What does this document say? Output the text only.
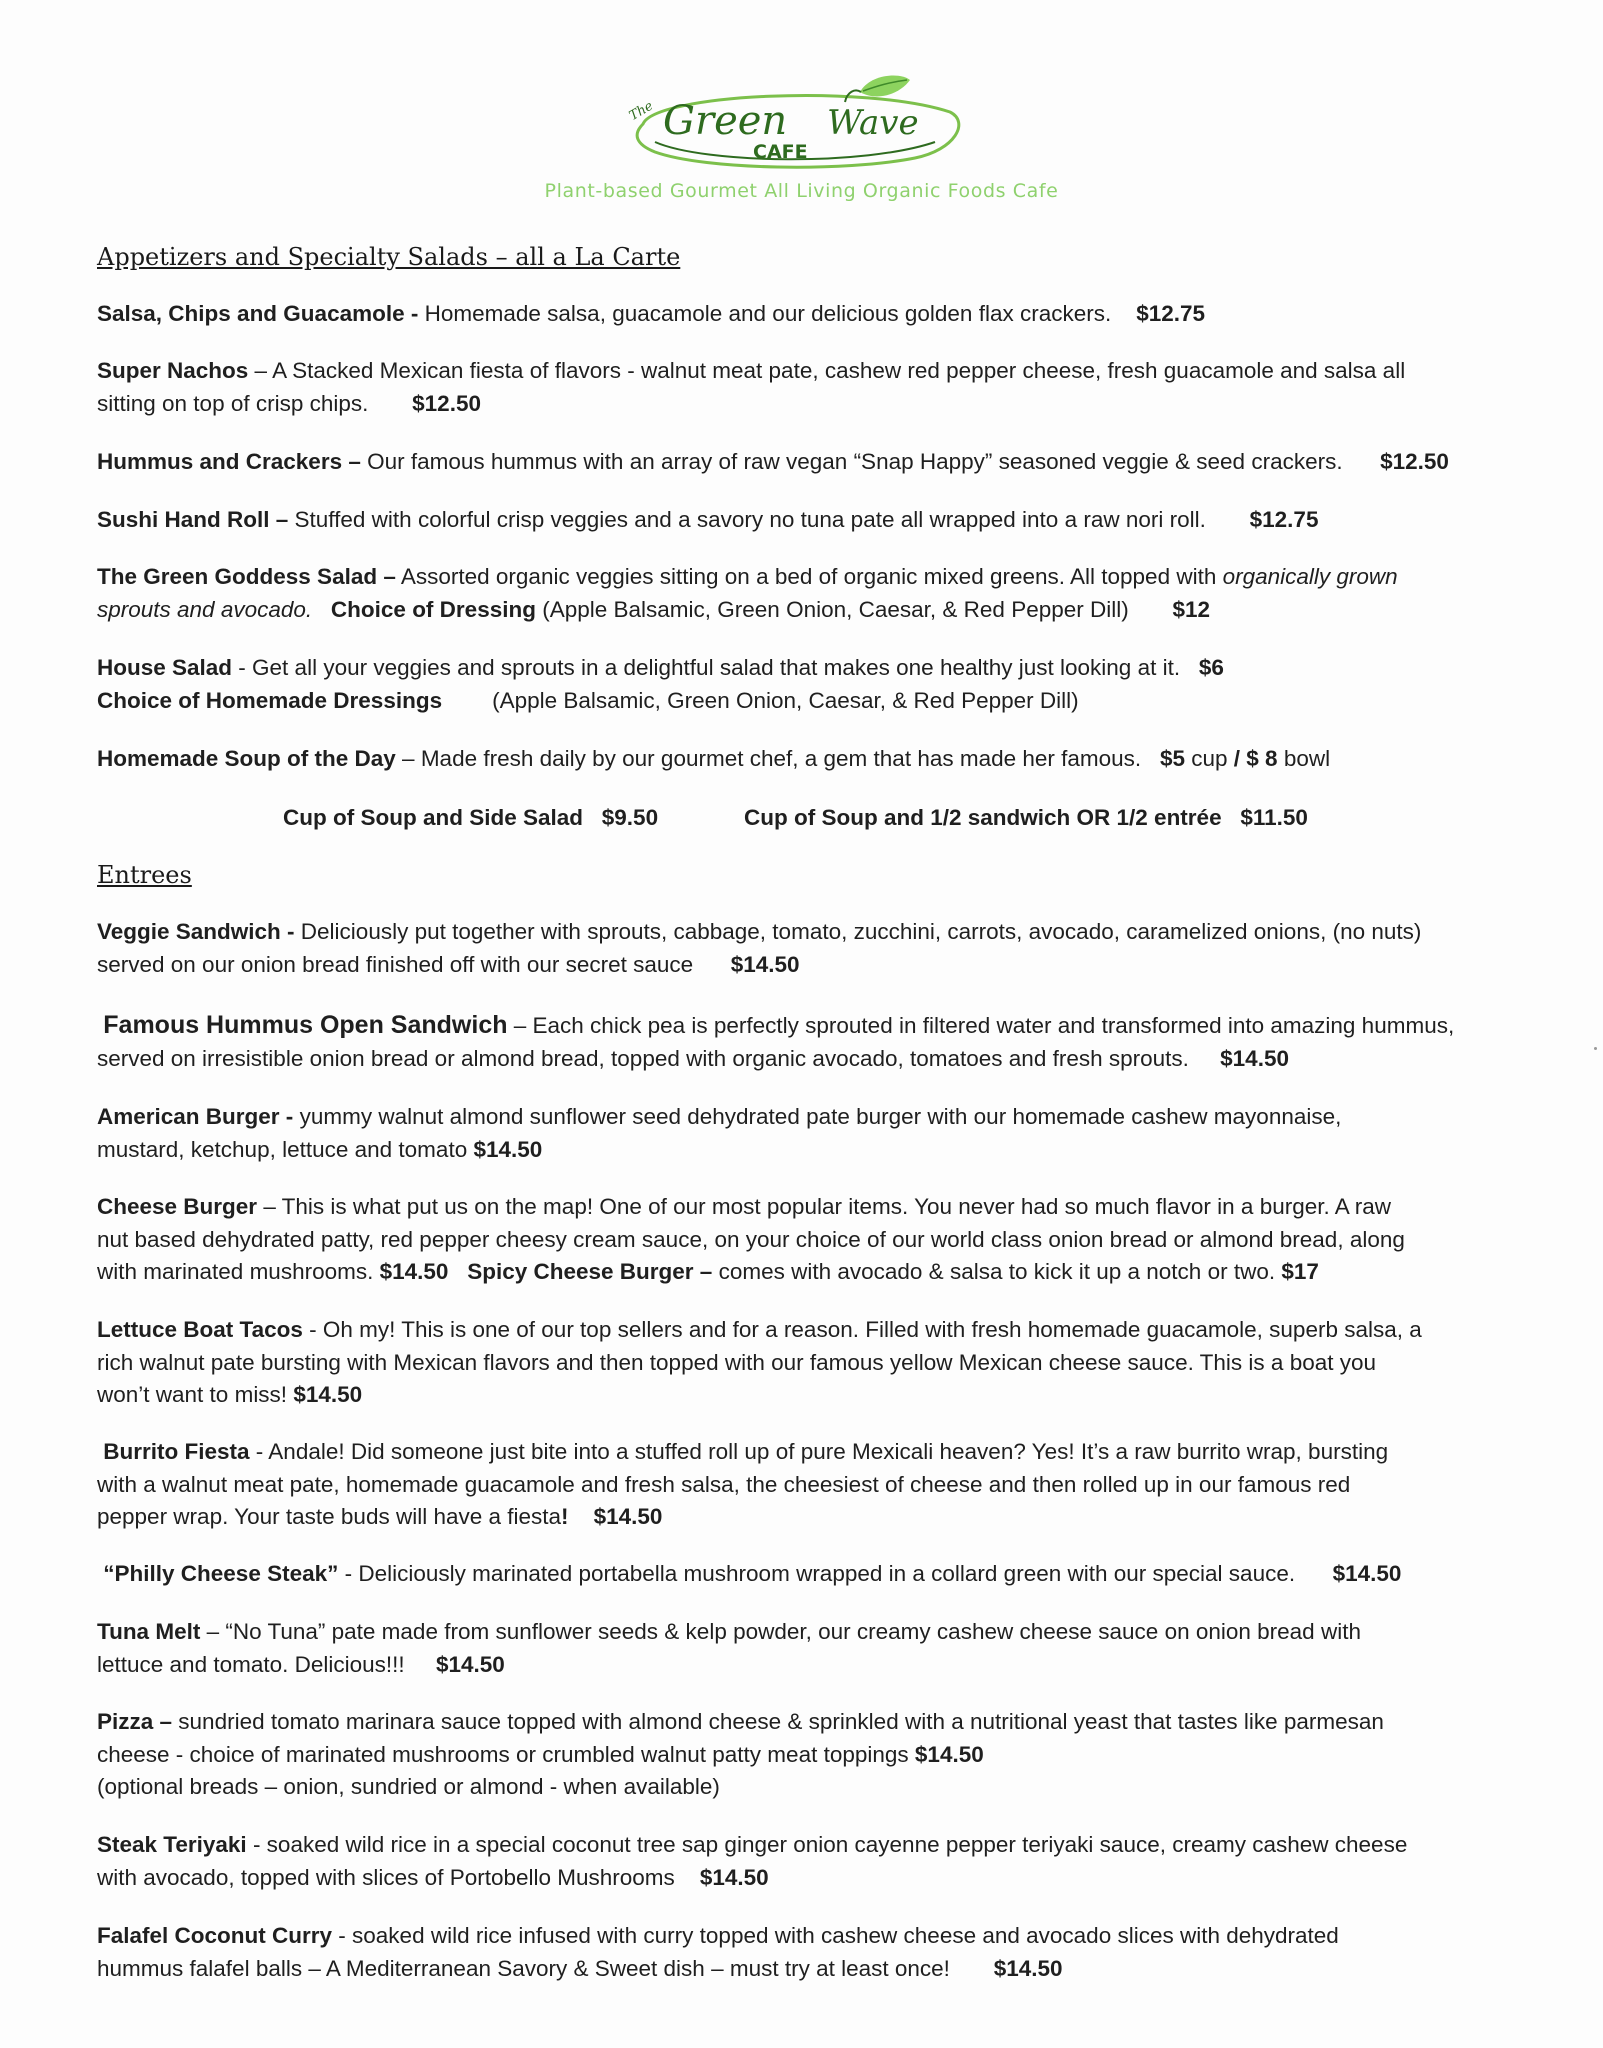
The Green Wave
CAFE
Plant-based Gourmet All Living Organic Foods Cafe
Appetizers and Specialty Salads – all a La Carte
Salsa, Chips and Guacamole - Homemade salsa, guacamole and our delicious golden flax crackers. $12.75
Super Nachos – A Stacked Mexican fiesta of flavors - walnut meat pate, cashew red pepper cheese, fresh guacamole and salsa all
sitting on top of crisp chips. $12.50
Hummus and Crackers – Our famous hummus with an array of raw vegan “Snap Happy” seasoned veggie & seed crackers. $12.50
Sushi Hand Roll – Stuffed with colorful crisp veggies and a savory no tuna pate all wrapped into a raw nori roll. $12.75
The Green Goddess Salad – Assorted organic veggies sitting on a bed of organic mixed greens. All topped with organically grown
sprouts and avocado. Choice of Dressing (Apple Balsamic, Green Onion, Caesar, & Red Pepper Dill) $12
House Salad - Get all your veggies and sprouts in a delightful salad that makes one healthy just looking at it. $6
Choice of Homemade Dressings (Apple Balsamic, Green Onion, Caesar, & Red Pepper Dill)
Homemade Soup of the Day – Made fresh daily by our gourmet chef, a gem that has made her famous. $5 cup / $ 8 bowl
Cup of Soup and Side Salad $9.50	Cup of Soup and 1/2 sandwich OR 1/2 entrée $11.50
Entrees
Veggie Sandwich - Deliciously put together with sprouts, cabbage, tomato, zucchini, carrots, avocado, caramelized onions, (no nuts)
served on our onion bread finished off with our secret sauce $14.50
Famous Hummus Open Sandwich – Each chick pea is perfectly sprouted in filtered water and transformed into amazing hummus,
served on irresistible onion bread or almond bread, topped with organic avocado, tomatoes and fresh sprouts. $14.50
American Burger - yummy walnut almond sunflower seed dehydrated pate burger with our homemade cashew mayonnaise,
mustard, ketchup, lettuce and tomato $14.50
Cheese Burger – This is what put us on the map! One of our most popular items. You never had so much flavor in a burger. A raw
nut based dehydrated patty, red pepper cheesy cream sauce, on your choice of our world class onion bread or almond bread, along
with marinated mushrooms. $14.50 Spicy Cheese Burger – comes with avocado & salsa to kick it up a notch or two. $17
Lettuce Boat Tacos - Oh my! This is one of our top sellers and for a reason. Filled with fresh homemade guacamole, superb salsa, a
rich walnut pate bursting with Mexican flavors and then topped with our famous yellow Mexican cheese sauce. This is a boat you
won’t want to miss! $14.50
Burrito Fiesta - Andale! Did someone just bite into a stuffed roll up of pure Mexicali heaven? Yes! It’s a raw burrito wrap, bursting
with a walnut meat pate, homemade guacamole and fresh salsa, the cheesiest of cheese and then rolled up in our famous red
pepper wrap. Your taste buds will have a fiesta! $14.50
“Philly Cheese Steak” - Deliciously marinated portabella mushroom wrapped in a collard green with our special sauce. $14.50
Tuna Melt – “No Tuna” pate made from sunflower seeds & kelp powder, our creamy cashew cheese sauce on onion bread with
lettuce and tomato. Delicious!!! $14.50
Pizza – sundried tomato marinara sauce topped with almond cheese & sprinkled with a nutritional yeast that tastes like parmesan
cheese - choice of marinated mushrooms or crumbled walnut patty meat toppings $14.50
(optional breads – onion, sundried or almond - when available)
Steak Teriyaki - soaked wild rice in a special coconut tree sap ginger onion cayenne pepper teriyaki sauce, creamy cashew cheese
with avocado, topped with slices of Portobello Mushrooms $14.50
Falafel Coconut Curry - soaked wild rice infused with curry topped with cashew cheese and avocado slices with dehydrated
hummus falafel balls – A Mediterranean Savory & Sweet dish – must try at least once! $14.50
